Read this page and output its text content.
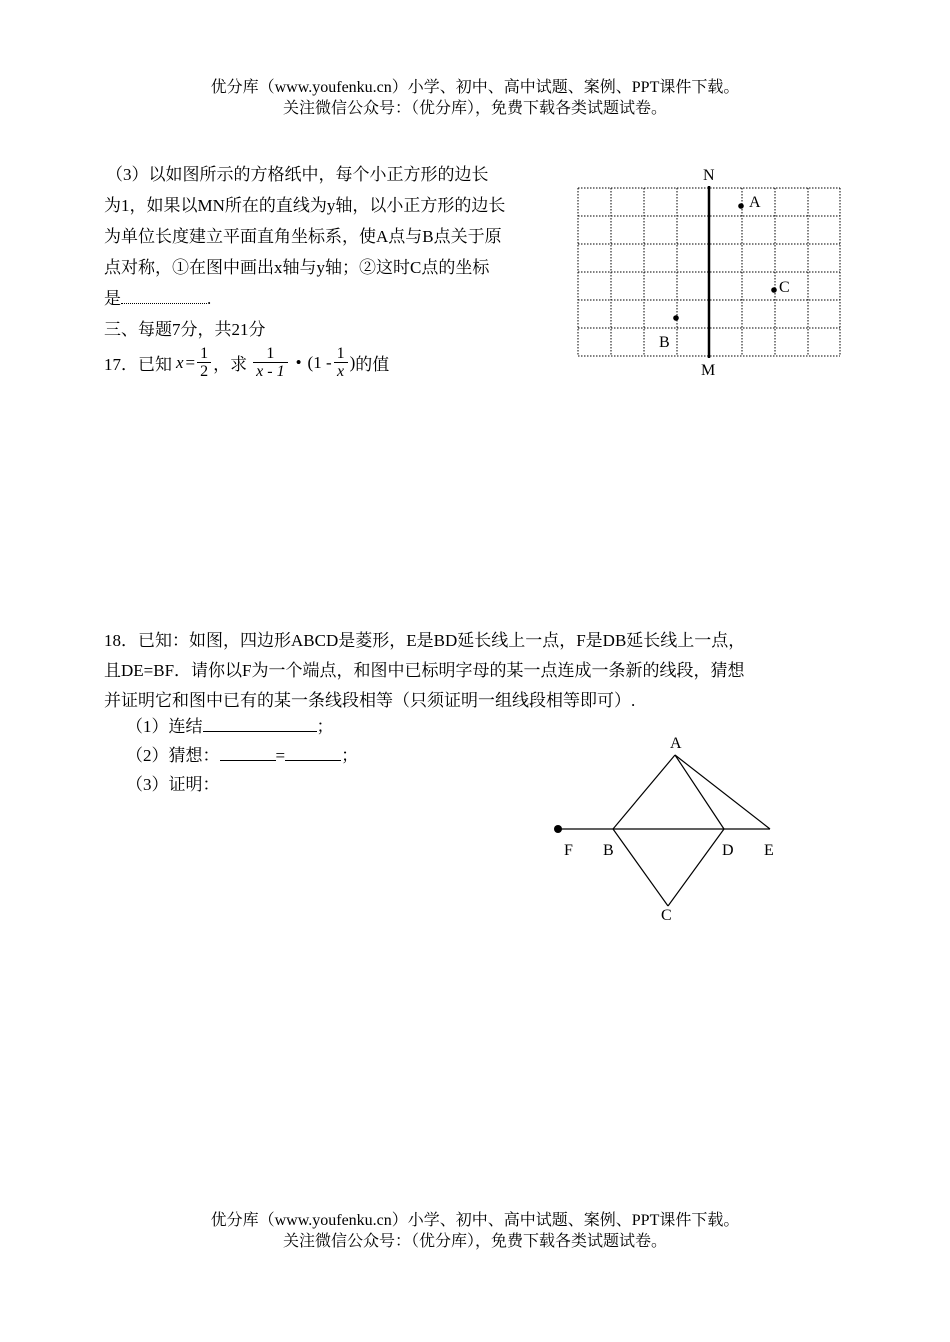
优分库（www.youfenku.cn）小学、初中、高中试题、案例、PPT课件下载。
关注微信公众号：（优分库），免费下载各类试题试卷。
（3）以如图所示的方格纸中，每个小正方形的边长
为1，如果以MN所在的直线为y轴，以小正方形的边长
为单位长度建立平面直角坐标系，使A点与B点关于原
点对称，①在图中画出x轴与y轴；②这时C点的坐标
是	.
N
M
A
B
C
三、每题7分，共21分
17．已知 $x = \frac{1}{2}$ ，求 $\frac{1}{x - 1}$ • ($1 - \frac{1}{x}$ ) 的值
18．已知：如图，四边形ABCD是菱形，E是BD延长线上一点，F是DB延长线上一点，
且DE=BF．请你以F为一个端点，和图中已标明字母的某一点连成一条新的线段，猜想
并证明它和图中已有的某一条线段相等（只须证明一组线段相等即可）.
（1）连结	；
（2）猜想：	=	；
（3）证明：
A
B
C
D E
F
优分库（www.youfenku.cn）小学、初中、高中试题、案例、PPT课件下载。
关注微信公众号：（优分库），免费下载各类试题试卷。
